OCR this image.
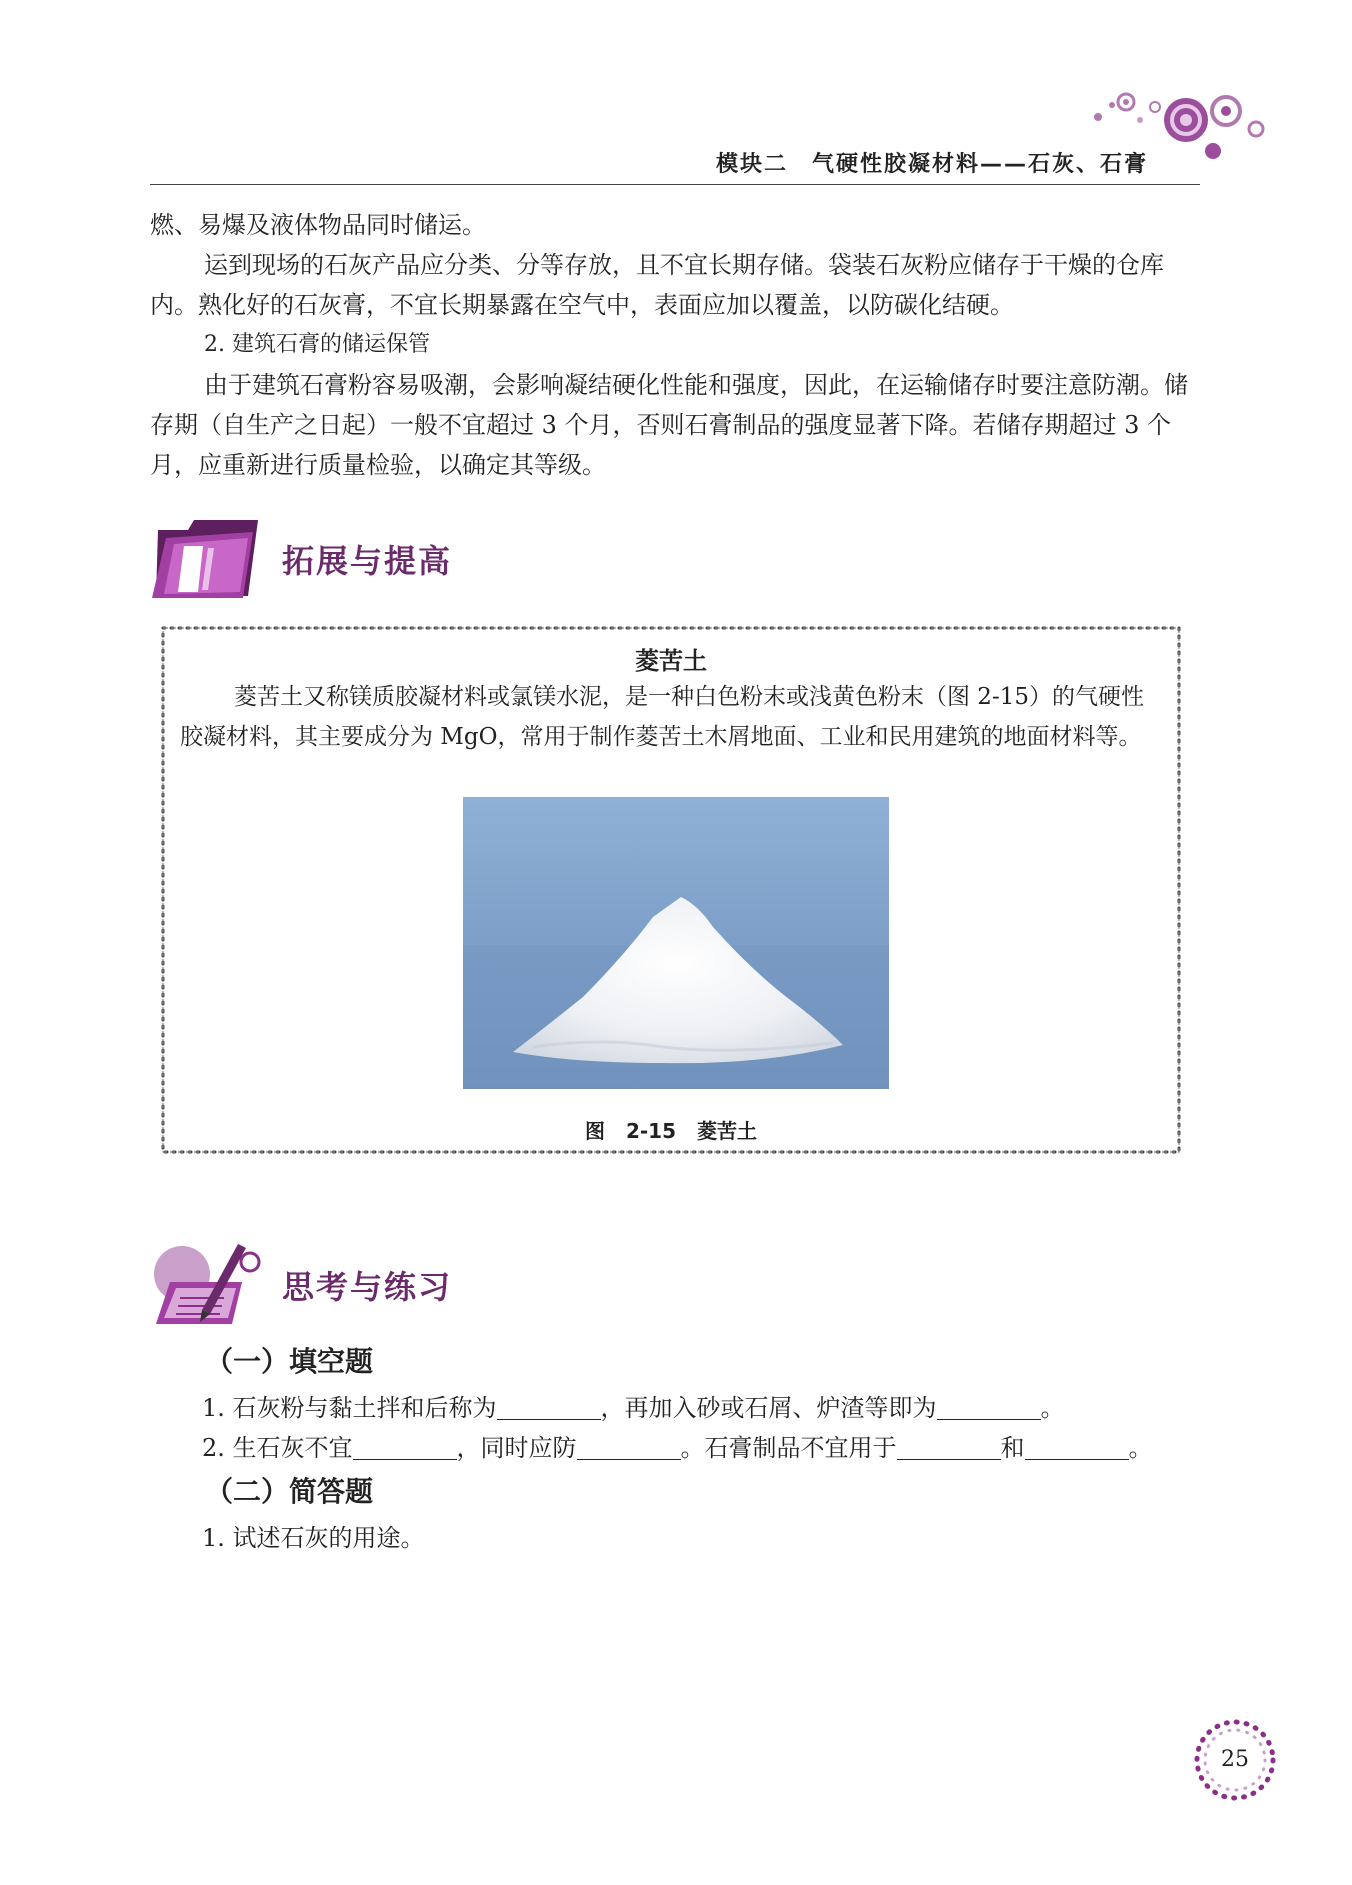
模块二　气硬性胶凝材料——石灰、石膏

燃、易爆及液体物品同时储运。

运到现场的石灰产品应分类、分等存放，且不宜长期存储。袋装石灰粉应储存于干燥的仓库内。熟化好的石灰膏，不宜长期暴露在空气中，表面应加以覆盖，以防碳化结硬。

2. 建筑石膏的储运保管

由于建筑石膏粉容易吸潮，会影响凝结硬化性能和强度，因此，在运输储存时要注意防潮。储存期（自生产之日起）一般不宜超过 3 个月，否则石膏制品的强度显著下降。若储存期超过 3 个月，应重新进行质量检验，以确定其等级。

拓展与提高
菱苦土
菱苦土又称镁质胶凝材料或氯镁水泥，是一种白色粉末或浅黄色粉末（图 2-15）的气硬性胶凝材料，其主要成分为 MgO，常用于制作菱苦土木屑地面、工业和民用建筑的地面材料等。
图 2-15 菱苦土
思考与练习
（一）填空题
1. 石灰粉与黏土拌和后称为	，再加入砂或石屑、炉渣等即为	。
2. 生石灰不宜	，同时应防	。石膏制品不宜用于	和	。
（二）简答题
1. 试述石灰的用途。
25
